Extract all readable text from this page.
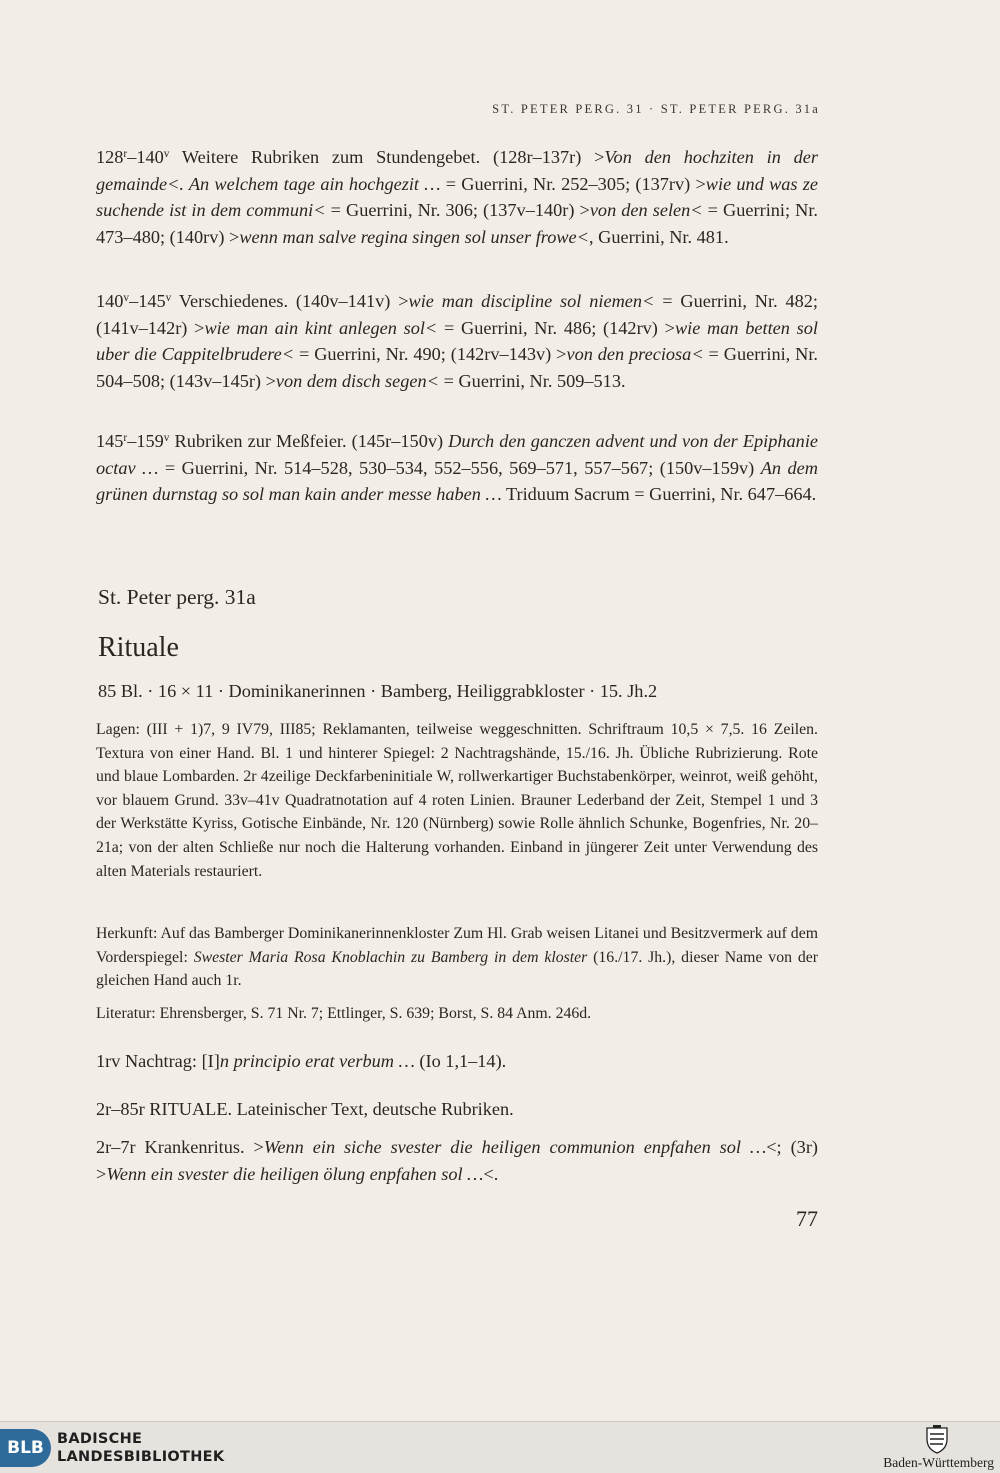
ST. PETER PERG. 31 · ST. PETER PERG. 31a

128$^r$–140$^v$ Weitere Rubriken zum Stundengebet. (128r–137r) >Von den hochziten in der gemainde<. An welchem tage ain hochgezit … = Guerrini, Nr. 252–305; (137rv) >wie und was ze suchende ist in dem communi< = Guerrini, Nr. 306; (137v–140r) >von den selen< = Guerrini; Nr. 473–480; (140rv) >wenn man salve regina singen sol unser frowe<, Guerrini, Nr. 481.

140$^v$–145$^v$ Verschiedenes. (140v–141v) >wie man discipline sol niemen< = Guerrini, Nr. 482; (141v–142r) >wie man ain kint anlegen sol< = Guerrini, Nr. 486; (142rv) >wie man betten sol uber die Cappitelbrudere< = Guerrini, Nr. 490; (142rv–143v) >von den preciosa< = Guerrini, Nr. 504–508; (143v–145r) >von dem disch segen< = Guerrini, Nr. 509–513.

145$^r$–159$^v$ Rubriken zur Meßfeier. (145r–150v) Durch den ganczen advent und von der Epiphanie octav … = Guerrini, Nr. 514–528, 530–534, 552–556, 569–571, 557–567; (150v–159v) An dem grünen durnstag so sol man kain ander messe haben … Triduum Sacrum = Guerrini, Nr. 647–664.

St. Peter perg. 31a
Rituale
85 Bl. · 16 × 11 · Dominikanerinnen · Bamberg, Heiliggrabkloster · 15. Jh.2

Lagen: (III + 1)7, 9 IV79, III85; Reklamanten, teilweise weggeschnitten. Schriftraum 10,5 × 7,5. 16 Zeilen. Textura von einer Hand. Bl. 1 und hinterer Spiegel: 2 Nachtragshände, 15./16. Jh. Übliche Rubrizierung. Rote und blaue Lombarden. 2r 4zeilige Deckfarbeninitiale W, rollwerkartiger Buchstabenkörper, weinrot, weiß gehöht, vor blauem Grund. 33v–41v Quadratnotation auf 4 roten Linien. Brauner Lederband der Zeit, Stempel 1 und 3 der Werkstätte Kyriss, Gotische Einbände, Nr. 120 (Nürnberg) sowie Rolle ähnlich Schunke, Bogenfries, Nr. 20–21a; von der alten Schließe nur noch die Halterung vorhanden. Einband in jüngerer Zeit unter Verwendung des alten Materials restauriert.

Herkunft: Auf das Bamberger Dominikanerinnenkloster Zum Hl. Grab weisen Litanei und Besitzvermerk auf dem Vorderspiegel: Swester Maria Rosa Knoblachin zu Bamberg in dem kloster (16./17. Jh.), dieser Name von der gleichen Hand auch 1r.

Literatur: Ehrensberger, S. 71 Nr. 7; Ettlinger, S. 639; Borst, S. 84 Anm. 246d.

1rv Nachtrag: [I]n principio erat verbum … (Io 1,1–14).

2r–85r RITUALE. Lateinischer Text, deutsche Rubriken.

2r–7r Krankenritus. >Wenn ein siche svester die heiligen communion enpfahen sol …<; (3r) >Wenn ein svester die heiligen ölung enpfahen sol …<.

77
BLB BADISCHE
LANDESBIBLIOTHEK	Baden-Württemberg
